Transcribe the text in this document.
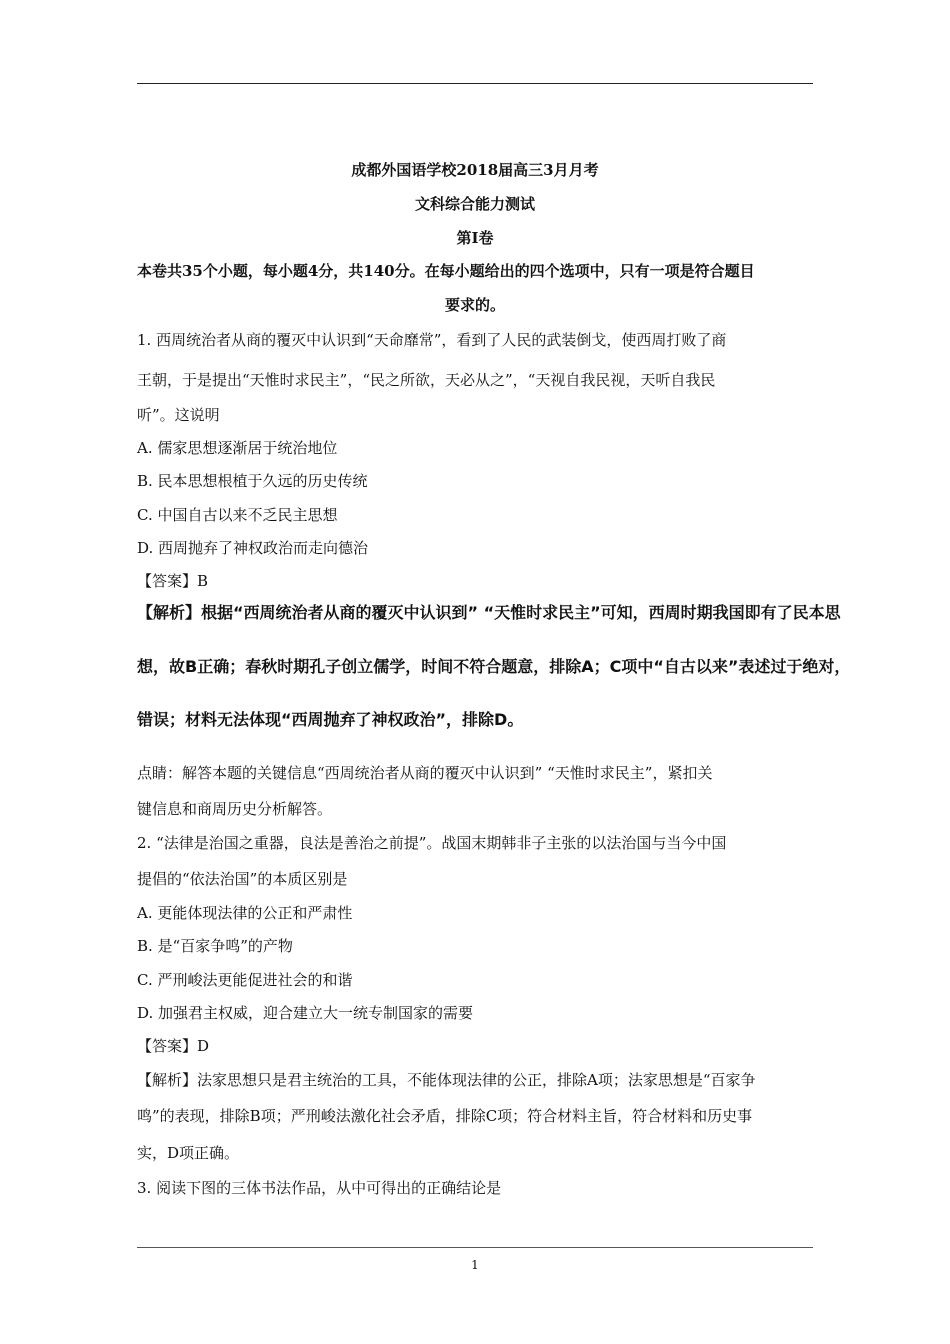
成都外国语学校2018届高三3月月考
文科综合能力测试
第Ⅰ卷
本卷共35个小题，每小题4分，共140分。在每小题给出的四个选项中，只有一项是符合题目
要求的。
1. 西周统治者从商的覆灭中认识到“天命靡常”，看到了人民的武装倒戈，使西周打败了商
王朝，于是提出“天惟时求民主”，“民之所欲，天必从之”，“天视自我民视，天听自我民
听”。这说明
A. 儒家思想逐渐居于统治地位
B. 民本思想根植于久远的历史传统
C. 中国自古以来不乏民主思想
D. 西周抛弃了神权政治而走向德治
【答案】B
【解析】根据“西周统治者从商的覆灭中认识到” “天惟时求民主”可知，西周时期我国即有了民本思
想，故B正确；春秋时期孔子创立儒学，时间不符合题意，排除A；C项中“自古以来”表述过于绝对，
错误；材料无法体现“西周抛弃了神权政治”，排除D。
点睛：解答本题的关键信息“西周统治者从商的覆灭中认识到” “天惟时求民主”，紧扣关
键信息和商周历史分析解答。
2. “法律是治国之重器，良法是善治之前提”。战国末期韩非子主张的以法治国与当今中国
提倡的“依法治国”的本质区别是
A. 更能体现法律的公正和严肃性
B. 是“百家争鸣”的产物
C. 严刑峻法更能促进社会的和谐
D. 加强君主权威，迎合建立大一统专制国家的需要
【答案】D
【解析】法家思想只是君主统治的工具，不能体现法律的公正，排除A项；法家思想是“百家争
鸣”的表现，排除B项；严刑峻法激化社会矛盾，排除C项；符合材料主旨，符合材料和历史事
实，D项正确。
3. 阅读下图的三体书法作品，从中可得出的正确结论是
1
